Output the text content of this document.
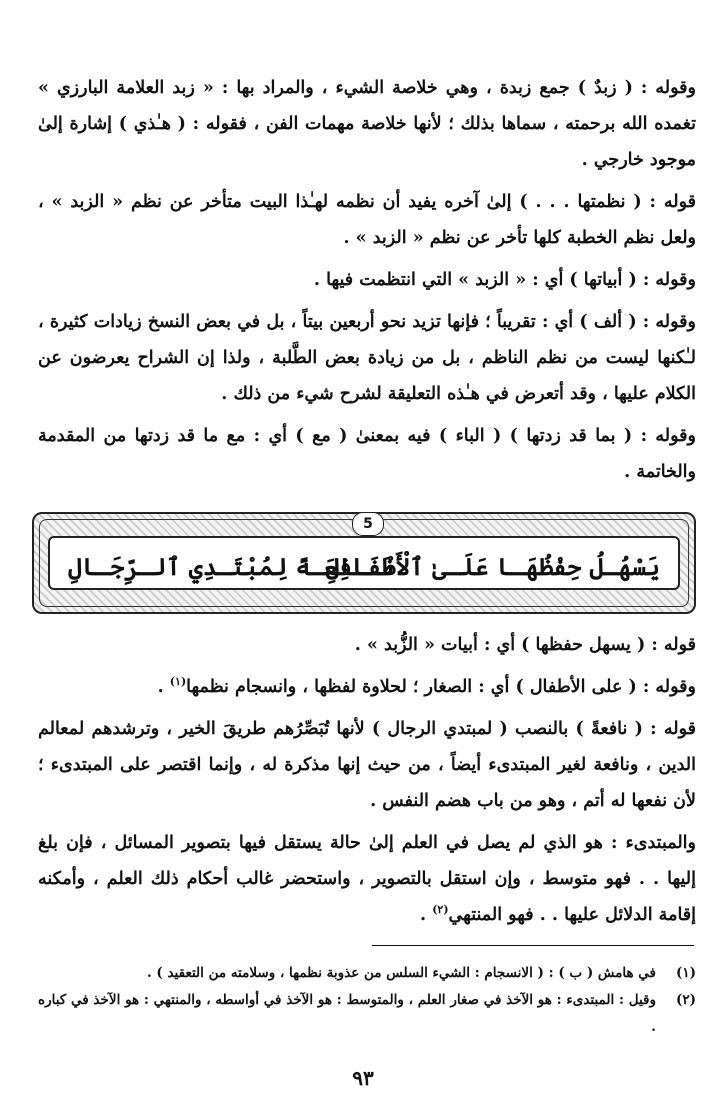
وقوله : ( زبدٌ ) جمع زبدة ، وهي خلاصة الشيء ، والمراد بها : « زبد العلامة البارزي » تغمده الله برحمته ، سماها بذلك ؛ لأنها خلاصة مهمات الفن ، فقوله : ( هـٰذي ) إشارة إلىٰ موجود خارجي .

قوله : ( نظمتها . . . ) إلىٰ آخره يفيد أن نظمه لهـٰذا البيت متأخر عن نظم « الزبد » ، ولعل نظم الخطبة كلها تأخر عن نظم « الزبد » .

وقوله : ( أبياتها ) أي : « الزبد » التي انتظمت فيها .

وقوله : ( ألف ) أي : تقريباً ؛ فإنها تزيد نحو أربعين بيتاً ، بل في بعض النسخ زيادات كثيرة ، لـٰكنها ليست من نظم الناظم ، بل من زيادة بعض الطَّلبة ، ولذا إن الشراح يعرضون عن الكلام عليها ، وقد أتعرض في هـٰذه التعليقة لشرح شيء من ذلك .

وقوله : ( بما قد زدتها ) ( الباء ) فيه بمعنىٰ ( مع ) أي : مع ما قد زدتها من المقدمة والخاتمة .

يَسْهُـلُ حِفْظُهَـا عَلَـىٰ ٱلْأَطْفَـالِ
نَـافِعَـةً لِمُبْتَـدِي ٱلـرِّجَـالِ
5

قوله : ( يسهل حفظها ) أي : أبيات « الزُّبد » .

وقوله : ( على الأطفال ) أي : الصغار ؛ لحلاوة لفظها ، وانسجام نظمها$^{(١)}$ .

قوله : ( نافعةً ) بالنصب ( لمبتدي الرجال ) لأنها تُبَصِّرُهم طريقَ الخير ، وترشدهم لمعالم الدين ، ونافعة لغير المبتدىء أيضاً ، من حيث إنها مذكرة له ، وإنما اقتصر على المبتدىء ؛ لأن نفعها له أتم ، وهو من باب هضم النفس .

والمبتدىء : هو الذي لم يصل في العلم إلىٰ حالة يستقل فيها بتصوير المسائل ، فإن بلغ إليها . . فهو متوسط ، وإن استقل بالتصوير ، واستحضر غالب أحكام ذلك العلم ، وأمكنه إقامة الدلائل عليها . . فهو المنتهي$^{(٢)}$ .

(١)
في هامش ( ب ) : ( الانسجام : الشيء السلس من عذوبة نظمها ، وسلامته من التعقيد ) .
(٢)
وقيل : المبتدىء : هو الآخذ في صغار العلم ، والمتوسط : هو الآخذ في أواسطه ، والمنتهي : هو الآخذ في كباره .
٩٣
